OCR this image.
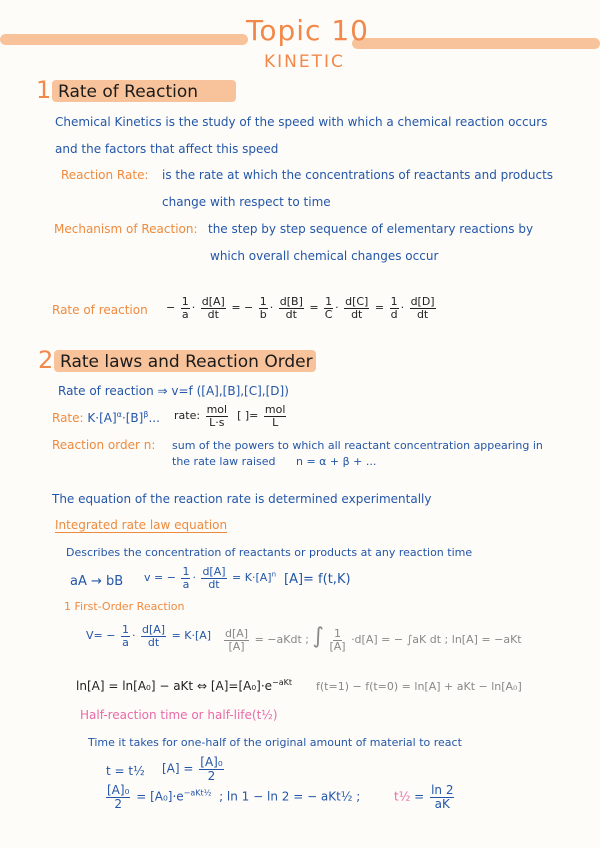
Topic 10
KINETIC
1 Rate of Reaction
Chemical Kinetics is the study of the speed with which a chemical reaction occurs
and the factors that affect this speed
Reaction Rate: is the rate at which the concentrations of reactants and products
change with respect to time
Mechanism of Reaction: the step by step sequence of elementary reactions by
which overall chemical changes occur
Rate of reaction − $\frac{1}{a} \cdot \frac{d[A]}{dt}$ = − $\frac{1}{b} \cdot \frac{d[B]}{dt} = \frac{1}{C} \cdot \frac{d[C]}{dt} = \frac{1}{d} \cdot \frac{d[D]}{dt}$
2 Rate laws and Reaction Order
Rate of reaction ⇒ v=f ([A],[B],[C],[D])
Rate: $K\cdot[A]^\alpha\cdot[B]^\beta$... rate: $\frac{\text{mol}}{L\cdot s}$ [ ]= $\frac{\text{mol}}{L}$
Reaction order n: sum of the powers to which all reactant concentration appearing in
the rate law raised n = α + β + ...
The equation of the reaction rate is determined experimentally
Integrated rate law equation
Describes the concentration of reactants or products at any reaction time
aA → bB v = − $\frac{1}{a} \cdot \frac{d[A]}{dt} = K\cdot[A]^n$ [A]= f(t,K)
1 First-Order Reaction
$V= - \frac{1}{a} \cdot \frac{d[A]}{dt} = K\cdot[A] \frac{d[A]}{[A]}$ = −aKdt ; ∫ $\frac{1}{[A]} \cdot d[A]$ = − ∫aK dt ; ln[A] = −aKt
ln[A] = ln[A₀] − aKt ⇔ $[A]=[A_0]\cdot e^{-aKt}$ f(t=1) − f(t=0) = ln[A] + aKt − ln[A₀]
Half-reaction time or half-life(t½)
Time it takes for one-half of the original amount of material to react
t = t½ $[A] = \frac{\text{[A]₀}}{2}$
$\frac{\text{[A]₀}}{2} = [A_0]\cdot e^{-aKt\frac{1}{2}}$ ; ln 1 − ln 2 = − aKt½ ;	t½ = $\frac{\ln 2}{aK}$
